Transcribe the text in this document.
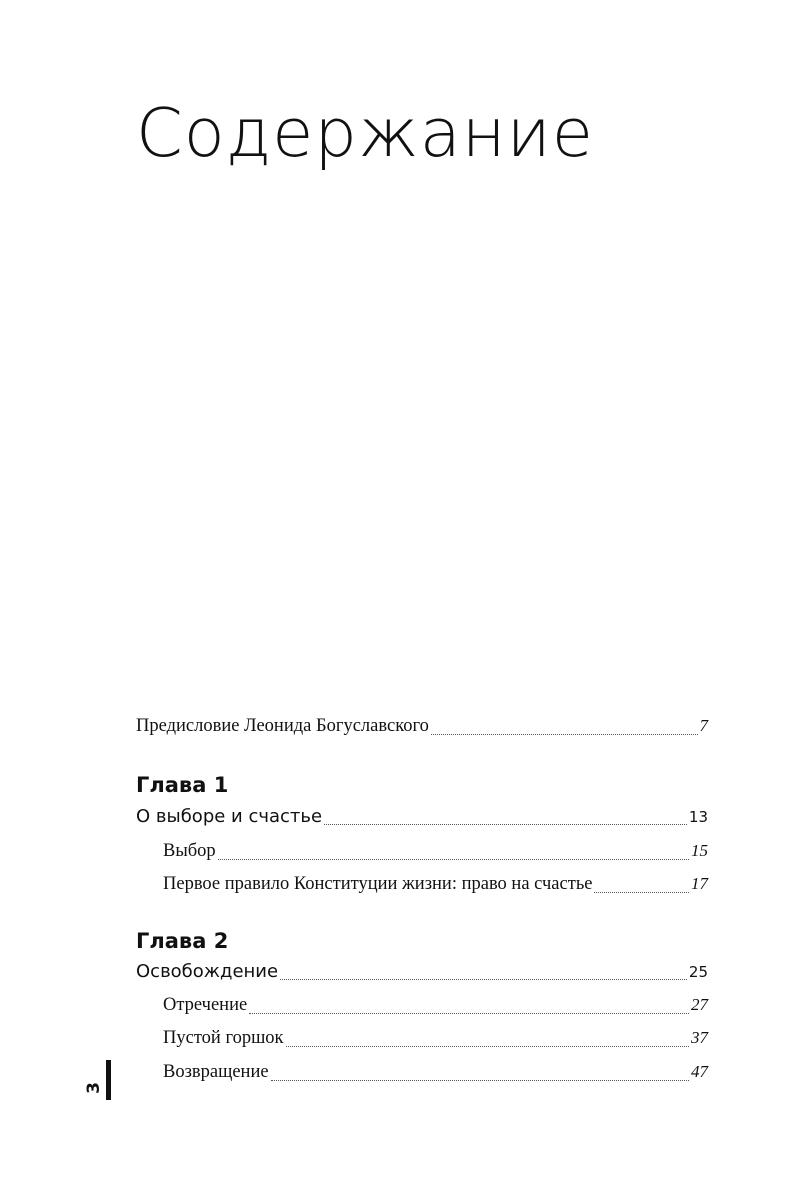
Содержание
Предисловие Леонида Богуславского	7
Глава 1
О выборе и счастье	13
Выбор	15
Первое правило Конституции жизни: право на счастье	17
Глава 2
Освобождение	25
Отречение	27
Пустой горшок	37
Возвращение	47
3
